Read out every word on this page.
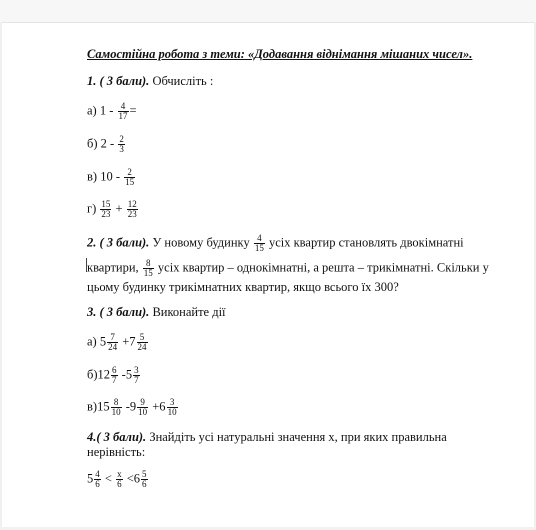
Самостійна робота з теми: «Додавання віднімання мішаних чисел».
1. ( 3 бали). Обчисліть :
а) $1 - \frac{4}{17}$ =
б) $2 - \frac{2}{3}$
в) $10 - \frac{2}{15}$
$г) \frac{15}{23} + \frac{12}{23}$
2. ( 3 бали). У новому будинку $\frac{4}{15}$ усіх квартир становлять двокімнатні
квартири, $\frac{8}{15}$ усіх квартир – однокімнатні, а решта – трикімнатні. Скільки у
цьому будинку трикімнатних квартир, якщо всього їх 300?
3. ( 3 бали). Виконайте дії
а) $5 \frac{7}{24} +7 \frac{5}{24}$
$б)12 \frac{6}{7} -5 \frac{3}{7}$
$в)15 \frac{8}{10} -9 \frac{9}{10} +6 \frac{3}{10}$
4.( 3 бали). Знайдіть усі натуральні значення x, при яких правильна
нерівність:
$5 \frac{4}{6} < \frac{x}{6} <6 \frac{5}{6}$
